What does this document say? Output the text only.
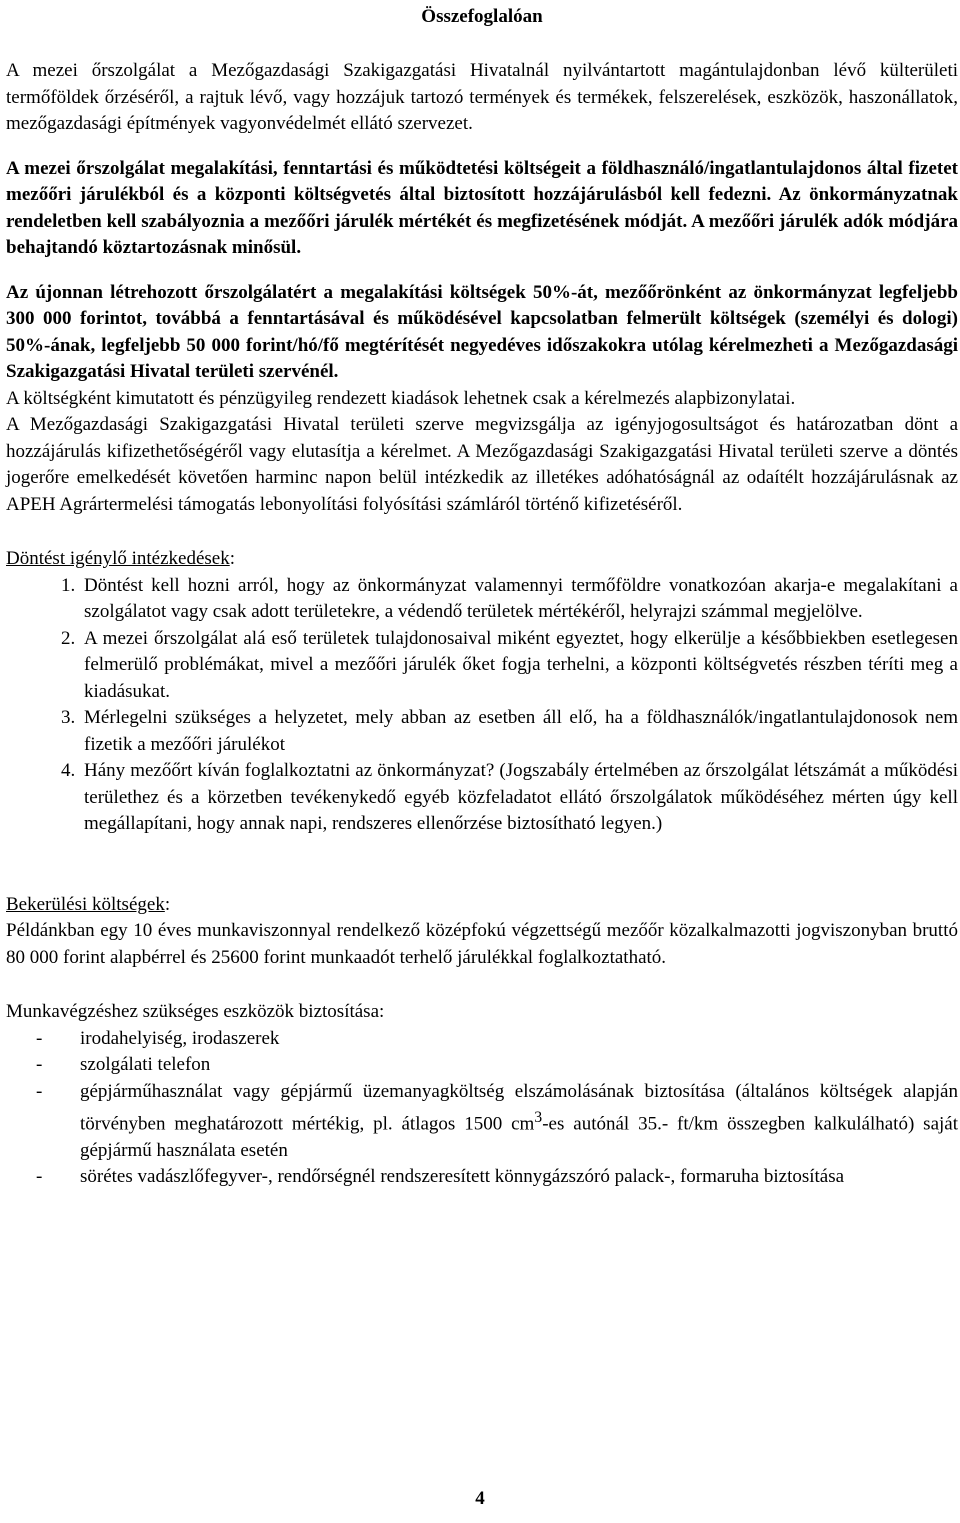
Összefoglalóan

A mezei őrszolgálat a Mezőgazdasági Szakigazgatási Hivatalnál nyilvántartott magántulajdonban lévő külterületi termőföldek őrzéséről, a rajtuk lévő, vagy hozzájuk tartozó termények és termékek, felszerelések, eszközök, haszonállatok, mezőgazdasági építmények vagyonvédelmét ellátó szervezet.

A mezei őrszolgálat megalakítási, fenntartási és működtetési költségeit a földhasználó/ingatlantulajdonos által fizetet mezőőri járulékból és a központi költségvetés által biztosított hozzájárulásból kell fedezni. Az önkormányzatnak rendeletben kell szabályoznia a mezőőri járulék mértékét és megfizetésének módját. A mezőőri járulék adók módjára behajtandó köztartozásnak minősül.

Az újonnan létrehozott őrszolgálatért a megalakítási költségek 50%-át, mezőőrönként az önkormányzat legfeljebb 300 000 forintot, továbbá a fenntartásával és működésével kapcsolatban felmerült költségek (személyi és dologi) 50%-ának, legfeljebb 50 000 forint/hó/fő megtérítését negyedéves időszakokra utólag kérelmezheti a Mezőgazdasági Szakigazgatási Hivatal területi szervénél.

A költségként kimutatott és pénzügyileg rendezett kiadások lehetnek csak a kérelmezés alapbizonylatai.

A Mezőgazdasági Szakigazgatási Hivatal területi szerve megvizsgálja az igényjogosultságot és határozatban dönt a hozzájárulás kifizethetőségéről vagy elutasítja a kérelmet. A Mezőgazdasági Szakigazgatási Hivatal területi szerve a döntés jogerőre emelkedését követően harminc napon belül intézkedik az illetékes adóhatóságnál az odaítélt hozzájárulásnak az APEH Agrártermelési támogatás lebonyolítási folyósítási számláról történő kifizetéséről.

Döntést igénylő intézkedések:

1. Döntést kell hozni arról, hogy az önkormányzat valamennyi termőföldre vonatkozóan akarja-e megalakítani a szolgálatot vagy csak adott területekre, a védendő területek mértékéről, helyrajzi számmal megjelölve.
2. A mezei őrszolgálat alá eső területek tulajdonosaival miként egyeztet, hogy elkerülje a későbbiekben esetlegesen felmerülő problémákat, mivel a mezőőri járulék őket fogja terhelni, a központi költségvetés részben téríti meg a kiadásukat.
3. Mérlegelni szükséges a helyzetet, mely abban az esetben áll elő, ha a földhasználók/ingatlantulajdonosok nem fizetik a mezőőri járulékot
4. Hány mezőőrt kíván foglalkoztatni az önkormányzat? (Jogszabály értelmében az őrszolgálat létszámát a működési területhez és a körzetben tevékenykedő egyéb közfeladatot ellátó őrszolgálatok működéséhez mérten úgy kell megállapítani, hogy annak napi, rendszeres ellenőrzése biztosítható legyen.)

Bekerülési költségek:

Példánkban egy 10 éves munkaviszonnyal rendelkező középfokú végzettségű mezőőr közalkalmazotti jogviszonyban bruttó 80 000 forint alapbérrel és 25600 forint munkaadót terhelő járulékkal foglalkoztatható.

Munkavégzéshez szükséges eszközök biztosítása:

- irodahelyiség, irodaszerek
- szolgálati telefon
- gépjárműhasználat vagy gépjármű üzemanyagköltség elszámolásának biztosítása (általános költségek alapján törvényben meghatározott mértékig, pl. átlagos 1500 $cm^3-es$ autónál 35.- ft/km összegben kalkulálható) saját gépjármű használata esetén
- sörétes vadászlőfegyver-, rendőrségnél rendszeresített könnygázszóró palack-, formaruha biztosítása
4
